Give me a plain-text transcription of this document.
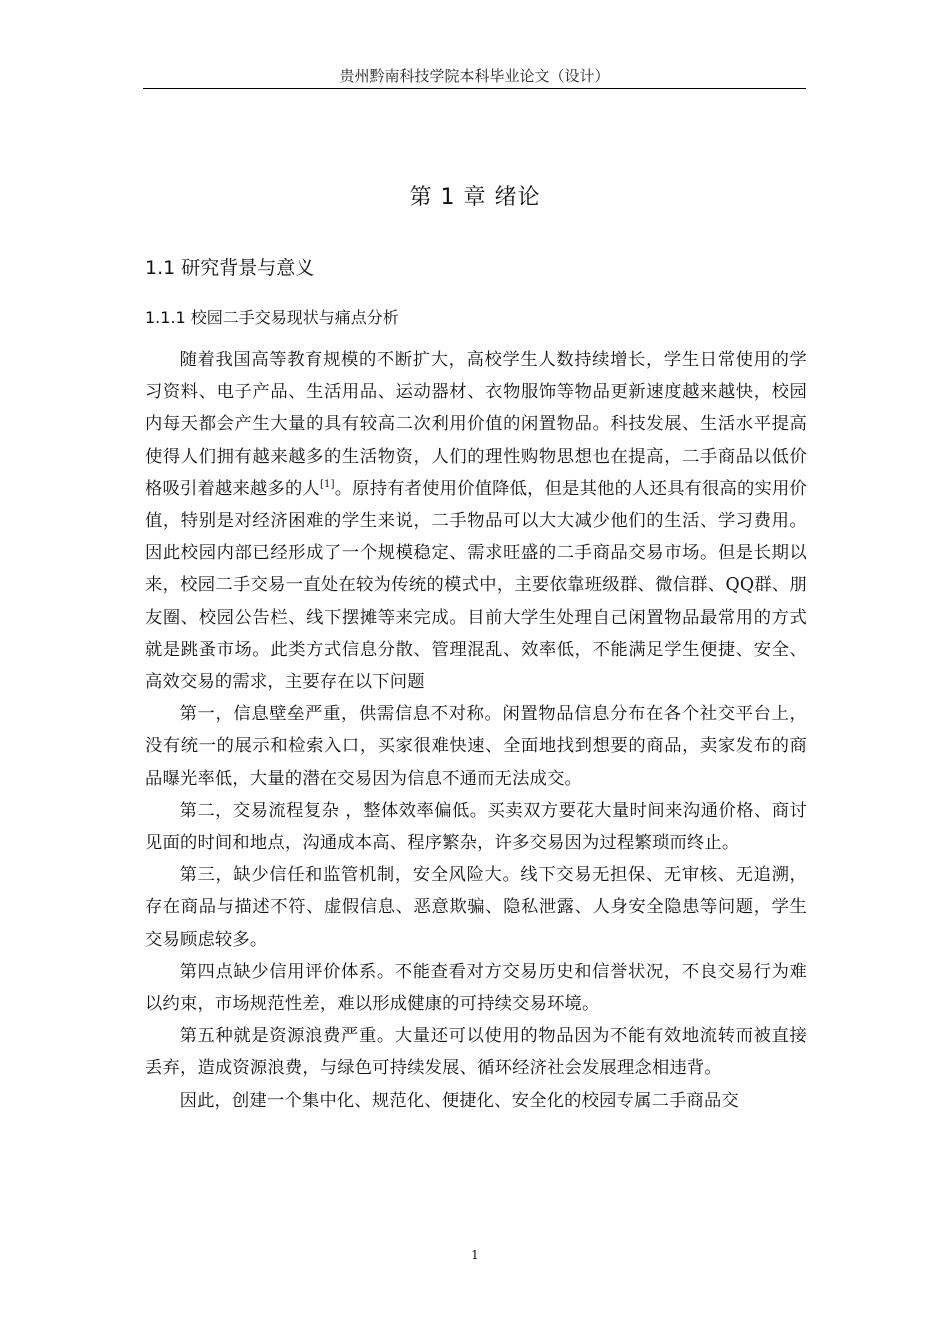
贵州黔南科技学院本科毕业论文（设计）
第 1 章 绪论
1.1 研究背景与意义
1.1.1 校园二手交易现状与痛点分析

随着我国高等教育规模的不断扩大，高校学生人数持续增长，学生日常使用的学习资料、电子产品、生活用品、运动器材、衣物服饰等物品更新速度越来越快，校园内每天都会产生大量的具有较高二次利用价值的闲置物品。科技发展、生活水平提高使得人们拥有越来越多的生活物资，人们的理性购物思想也在提高，二手商品以低价格吸引着越来越多的人[1]。原持有者使用价值降低，但是其他的人还具有很高的实用价值，特别是对经济困难的学生来说，二手物品可以大大减少他们的生活、学习费用。因此校园内部已经形成了一个规模稳定、需求旺盛的二手商品交易市场。但是长期以来，校园二手交易一直处在较为传统的模式中，主要依靠班级群、微信群、QQ群、朋友圈、校园公告栏、线下摆摊等来完成。目前大学生处理自己闲置物品最常用的方式就是跳蚤市场。此类方式信息分散、管理混乱、效率低，不能满足学生便捷、安全、高效交易的需求，主要存在以下问题

第一，信息壁垒严重，供需信息不对称。闲置物品信息分布在各个社交平台上，没有统一的展示和检索入口，买家很难快速、全面地找到想要的商品，卖家发布的商品曝光率低，大量的潜在交易因为信息不通而无法成交。

第二，交易流程复杂 ，整体效率偏低。买卖双方要花大量时间来沟通价格、商讨见面的时间和地点，沟通成本高、程序繁杂，许多交易因为过程繁琐而终止。

第三，缺少信任和监管机制，安全风险大。线下交易无担保、无审核、无追溯，存在商品与描述不符、虚假信息、恶意欺骗、隐私泄露、人身安全隐患等问题，学生交易顾虑较多。

第四点缺少信用评价体系。不能查看对方交易历史和信誉状况，不良交易行为难以约束，市场规范性差，难以形成健康的可持续交易环境。

第五种就是资源浪费严重。大量还可以使用的物品因为不能有效地流转而被直接丢弃，造成资源浪费，与绿色可持续发展、循环经济社会发展理念相违背。

因此，创建一个集中化、规范化、便捷化、安全化的校园专属二手商品交

1
